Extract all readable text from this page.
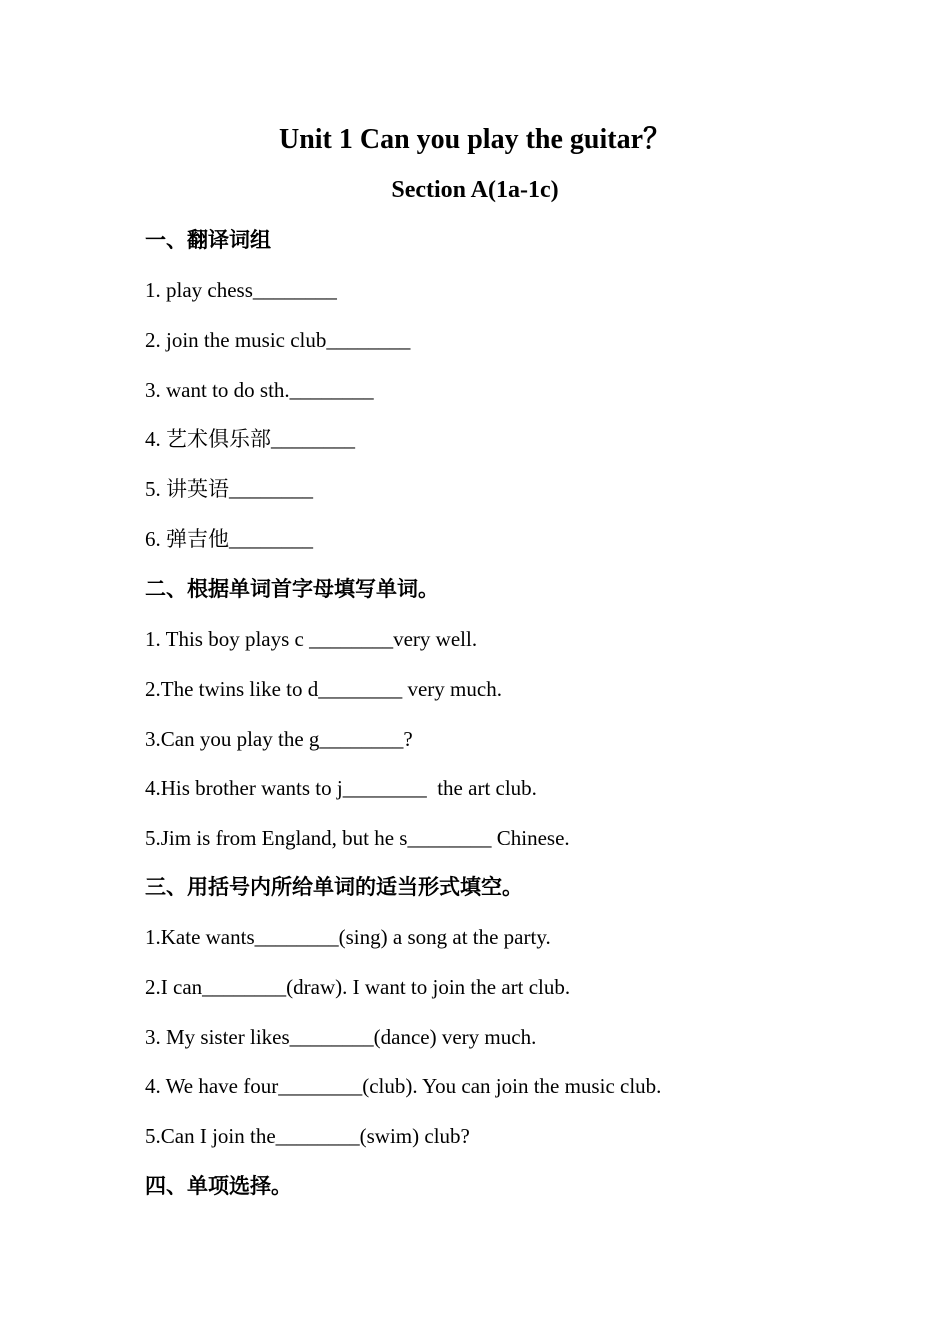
Unit 1 Can you play the guitar？
Section A(1a-1c)
一、翻译词组
1. play chess________
2. join the music club________
3. want to do sth.________
4. 艺术俱乐部________
5. 讲英语________
6. 弹吉他________
二、根据单词首字母填写单词。
1. This boy plays c ________very well.
2.The twins like to d________ very much.
3.Can you play the g________?
4.His brother wants to j________  the art club.
5.Jim is from England, but he s________ Chinese.
三、用括号内所给单词的适当形式填空。
1.Kate wants________(sing) a song at the party.
2.I can________(draw). I want to join the art club.
3. My sister likes________(dance) very much.
4. We have four________(club). You can join the music club.
5.Can I join the________(swim) club?
四、单项选择。
